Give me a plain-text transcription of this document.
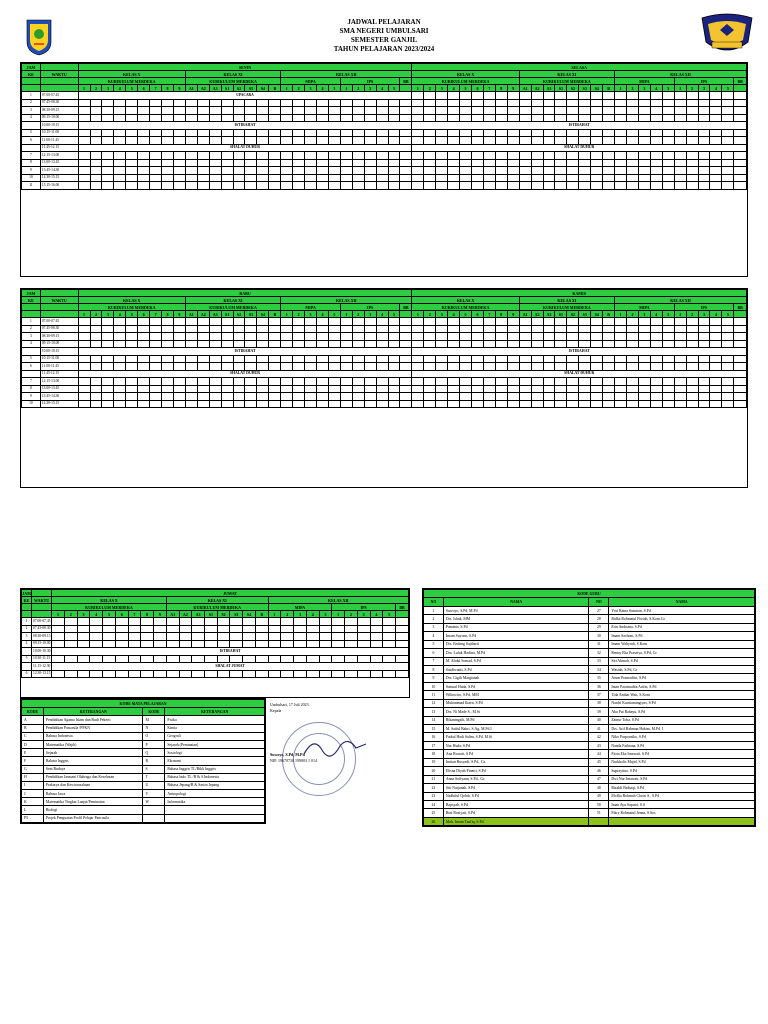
JADWAL PELAJARAN
SMA NEGERI UMBULSARI
SEMESTER GANJIL
TAHUN PELAJARAN 2023/2024
JAM		SENIN																												SELASA																											
KE	WAKTU	KELAS X									KELAS XI								KELAS XII											KELAS X									KELAS XI								KELAS XII										
		KURIKULUM MERDEKA									KURIKULUM MERDEKA								MIPA					IPS					BB	KURIKULUM MERDEKA									KURIKULUM MERDEKA								MIPA					IPS					BB
		1	2	3	4	5	6	7	8	9	A1	A2	A3	S1	S2	S3	S4	B	1	2	3	4	5	1	2	3	4	5		1	2	3	4	5	6	7	8	9	A1	A2	A3	S1	S2	S3	S4	B	1	2	3	4	5	1	2	3	4	5	
1	07.00-07.45	UPACARA																																																							
2	07.45-08.30																																																								
3	08.30-09.15																																																								
4	09.15-10.00																																																								
	10.00-10.15	ISTIRAHAT																												ISTIRAHAT																											
5	10.15-11.00																																																								
6	11.00-11.45																																																								
	11.45-12.15	SHALAT DUHUR																												SHALAT DUHUR																											
7	12.15-13.00																																																								
8	13.00-13.45																																																								
9	13.45-14.30																																																								
10	14.30-15.15																																																								
11	15.15-16.00																																																								
JAM		RABU																												KAMIS																											
KE	WAKTU	KELAS X									KELAS XI								KELAS XII											KELAS X									KELAS XI								KELAS XII										
		KURIKULUM MERDEKA									KURIKULUM MERDEKA								MIPA					IPS					BB	KURIKULUM MERDEKA									KURIKULUM MERDEKA								MIPA					IPS					BB
		1	2	3	4	5	6	7	8	9	A1	A2	A3	S1	S2	S3	S4	B	1	2	3	4	5	1	2	3	4	5		1	2	3	4	5	6	7	8	9	A1	A2	A3	S1	S2	S3	S4	B	1	2	3	4	5	1	2	3	4	5	
1	07.00-07.45																																																								
2	07.45-08.30																																																								
3	08.30-09.15																																																								
4	09.15-10.00																																																								
	10.00-10.15	ISTIRAHAT																												ISTIRAHAT																											
5	10.15-11.00																																																								
6	11.00-11.45																																																								
	11.45-12.15	SHALAT DUHUR																												SHALAT DUHUR																											
7	12.15-13.00																																																								
8	13.00-13.45																																																								
9	13.45-14.30																																																								
10	14.30-15.15																																																								
JAM		JUMAT																											
KE	WAKTU	KELAS X									KELAS XI								KELAS XII										
		KURIKULUM MERDEKA									KURIKULUM MERDEKA								MIPA					IPS					BB
		1	2	3	4	5	6	7	8	9	A1	A2	A3	S1	S2	S3	S4	B	1	2	3	4	5	1	2	3	4	5	
1	07.00-07.45																												
2	07.45-08.30																												
3	08.30-09.15																												
4	09.15-10.00																												
	10.00-10.30	ISTIRAHAT																											
5	10.30-11.15																												
	11.15-12.30	SHALAT JUMAT																											
6	12.30-13.15																												
KODE MATA PELAJARAN			
KODE	KETERANGAN	KODE	KETERANGAN
A	Pendidikan Agama Islam dan Budi Pekerti	M	Fisika
B	Pendidikan Pancasila /PPKN	N	Kimia
C	Bahasa Indonesia	O	Geografi
D	Matematika (Wajib)	P	Sejarah (Peminatan)
E	Sejarah	Q	Sosiologi
F	Bahasa Inggris	R	Ekonomi
G	Seni Budaya	S	Bahasa Inggris TL/Bikli Inggris
H	Pendidikan Jasmani Olahraga dan Kesehatan	T	Bahasa Indo TL /B & S Indonesia
I	Prakarya dan Kewirausahaan	U	Bahasa Jepang/B & Sastra Jepang
J	Bahasa Jawa	V	Antropologi
K	Matematika Tingkat Lanjut/Peminatan	W	Informatika
L	Biologi		
P5	Projek Penguatan Profil Pelajar Pancasila		
Umbulsari, 17 Juli 2023
Kepala
Suwoyo, S.Pd, M.Pd
NIP. 19670730 199003 1 014
KODE GURU			
NO	NAMA	NO	NAMA
1	Suwoyo, S.Pd, M.Pd	27	Yosi Ratna Sumiran, S.Pd
2	Drs. Ishak, MM	28	Ridka Rohmatul Fitriah, S.Kom.Gr
3	Paminto, S.Pd	29	Erin Andriana, S.Pd
4	Imam Suyono, S.Pd	30	Imam Sachoni, S.Pd
5	Drs. Endang Sujiharti	31	Imam Wahyudi, S.Kom
6	Dra. Luluk Harlina, M.Pd	32	Renny Eka Prasetya, S.Pd, Gr
7	M. Abdul Somad, S.Pd	33	Siti Alimah, S.Pd
8	Sasdiwanti, S.Pd	34	Wasiah, S.Pd, Gr
9	Drs. Gigih Margianah	35	Arum Pramaditri, S.Pd
10	Samsul Huda, S.Pd	36	Intan Paramudita Arifin, S.Pd
11	Wibowiro, S.Pd, MM	37	Tida Ambar Wati, S.Kom
12	Muhammad Ikaen, S.Pd	38	Nanfri Kurniamingtyas, S.Pd
13	Drs. Ni Made S., M.Si	39	Aka Put Rahayu, S.Pd
14	Rikaningsih, M.Pd	40	Zainur Toha, S.Pd
15	M. Saiful Bahri, S.Ag, M.Pd.I	41	Drs. Arif Rahman Hakim, M.Pd. I
16	Fatkul Hadi Salim, S.Pd, M.Si	42	Niko Purporniko, S.Pd
17	Nur Huda, S.Pd	43	Nanda Fathiana, S.Pd
18	Ana Ruwati, S.Pd	44	Fitria Eka Irnawati, S.Pd
19	Imtian Rusyadi, S.Pd,. Gr.	45	Nurkholis Majid, S.Pd
20	Elisna Diyah Pinarti, S.Pd	46	Supraytino, S.Pd
21	Anna Sofiyana, S.Pd,. Gr.	47	Dwi Nur Irnawati, S.Pd
22	Siti Nurjanah, S.Pd	48	Rizaldi Baihaqi, S.Pd
23	Nadhiful Qolub, S.Pd	49	Moflia Rohmah Choiri S., S.Pd
24	Bapsyah, S.Pd	50	Iman Ayu Saputri, S.S
25	Rini Rosiyati, S.Pd	51	Fikry Rohmatul Jenna, S.Sos
26	Moh. Imam Taufiq, S.Pd		
